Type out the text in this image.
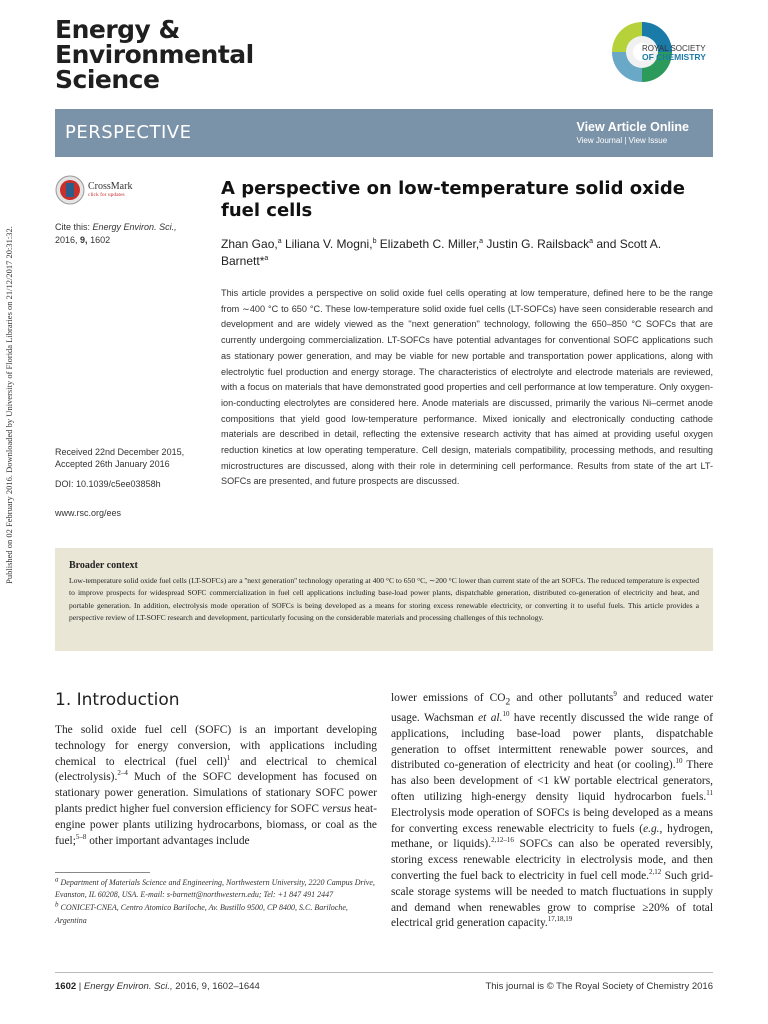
Energy &
Environmental
Science
ROYAL SOCIETY
OF CHEMISTRY
PERSPECTIVE	View Article Online
View Journal | View Issue
Published on 02 February 2016. Downloaded by University of Florida Libraries on 21/12/2017 20:31:32.
CrossMark
click for updates
Cite this: Energy Environ. Sci.,
2016, 9, 1602
Received 22nd December 2015,
Accepted 26th January 2016
DOI: 10.1039/c5ee03858h
www.rsc.org/ees
A perspective on low-temperature solid oxide fuel cells
Zhan Gao,$^a$ Liliana V. Mogni,$^b$ Elizabeth C. Miller,$^a$ Justin G. Railsback$^a$ and Scott A. Barnett*$^a$
This article provides a perspective on solid oxide fuel cells operating at low temperature, defined here to be the range from ∼400 °C to 650 °C. These low-temperature solid oxide fuel cells (LT-SOFCs) have seen considerable research and development and are widely viewed as the ''next generation'' technology, following the 650–850 °C SOFCs that are currently undergoing commercialization. LT-SOFCs have potential advantages for conventional SOFC applications such as stationary power generation, and may be viable for new portable and transportation power applications, along with electrolytic fuel production and energy storage. The characteristics of electrolyte and electrode materials are reviewed, with a focus on materials that have demonstrated good properties and cell performance at low temperature. Only oxygen-ion-conducting electrolytes are considered here. Anode materials are discussed, primarily the various Ni–cermet anode compositions that yield good low-temperature performance. Mixed ionically and electronically conducting cathode materials are described in detail, reflecting the extensive research activity that has aimed at providing useful oxygen reduction kinetics at low operating temperature. Cell design, materials compatibility, processing methods, and resulting microstructures are discussed, along with their role in determining cell performance. Results from state of the art LT-SOFCs are presented, and future prospects are discussed.
Broader context
Low-temperature solid oxide fuel cells (LT-SOFCs) are a ''next generation'' technology operating at 400 °C to 650 °C, ∼200 °C lower than current state of the art SOFCs. The reduced temperature is expected to improve prospects for widespread SOFC commercialization in fuel cell applications including base-load power plants, dispatchable generation, distributed co-generation of electricity and heat, and portable generation. In addition, electrolysis mode operation of SOFCs is being developed as a means for storing excess renewable electricity, or converting it to useful fuels. This article provides a perspective review of LT-SOFC research and development, particularly focusing on the considerable materials and processing challenges of this technology.
1. Introduction
The solid oxide fuel cell (SOFC) is an important developing technology for energy conversion, with applications including chemical to electrical (fuel cell)$^1$ and electrical to chemical (electrolysis).$^{2-4}$ Much of the SOFC development has focused on stationary power generation. Simulations of stationary SOFC power plants predict higher fuel conversion efficiency for SOFC versus heat-engine power plants utilizing hydrocarbons, biomass, or coal as the fuel;$^{5-8}$ other important advantages include
lower emissions of $CO_2$ and other pollutants$^9$ and reduced water usage. Wachsman et al.$^{10}$ have recently discussed the wide range of applications, including base-load power plants, dispatchable generation to offset intermittent renewable power sources, and distributed co-generation of electricity and heat (or cooling).$^{10}$ There has also been development of <1 kW portable electrical generators, often utilizing high-energy density liquid hydrocarbon fuels.$^{11}$ Electrolysis mode operation of SOFCs is being developed as a means for converting excess renewable electricity to fuels (e.g., hydrogen, methane, or liquids).$^{2,12-16}$ SOFCs can also be operated reversibly, storing excess renewable electricity in electrolysis mode, and then converting the fuel back to electricity in fuel cell mode.$^{2,12}$ Such grid-scale storage systems will be needed to match fluctuations in supply and demand when renewables grow to comprise ≥20% of total electrical grid generation capacity.$^{17,18,19}$

$^a$ Department of Materials Science and Engineering, Northwestern University, 2220 Campus Drive, Evanston, IL 60208, USA. E-mail: s-barnett@northwestern.edu; Tel: +1 847 491 2447

$^b$ CONICET-CNEA, Centro Atomico Bariloche, Av. Bustillo 9500, CP 8400, S.C. Bariloche, Argentina

1602 | Energy Environ. Sci., 2016, 9, 1602–1644	This journal is © The Royal Society of Chemistry 2016
